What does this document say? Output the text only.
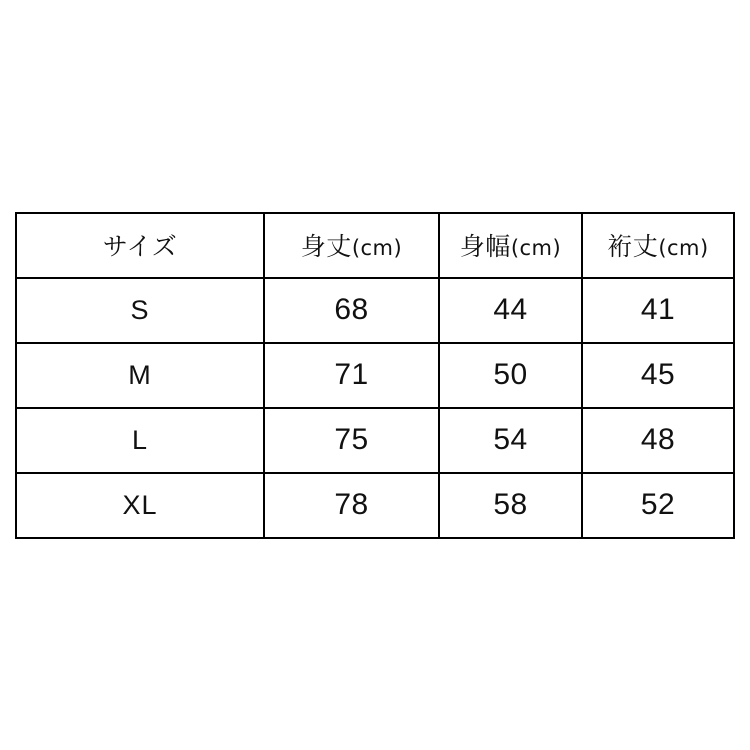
サイズ	身丈(cm)	身幅(cm)	裄丈(cm)
S	68	44	41
M	71	50	45
L	75	54	48
XL	78	58	52
